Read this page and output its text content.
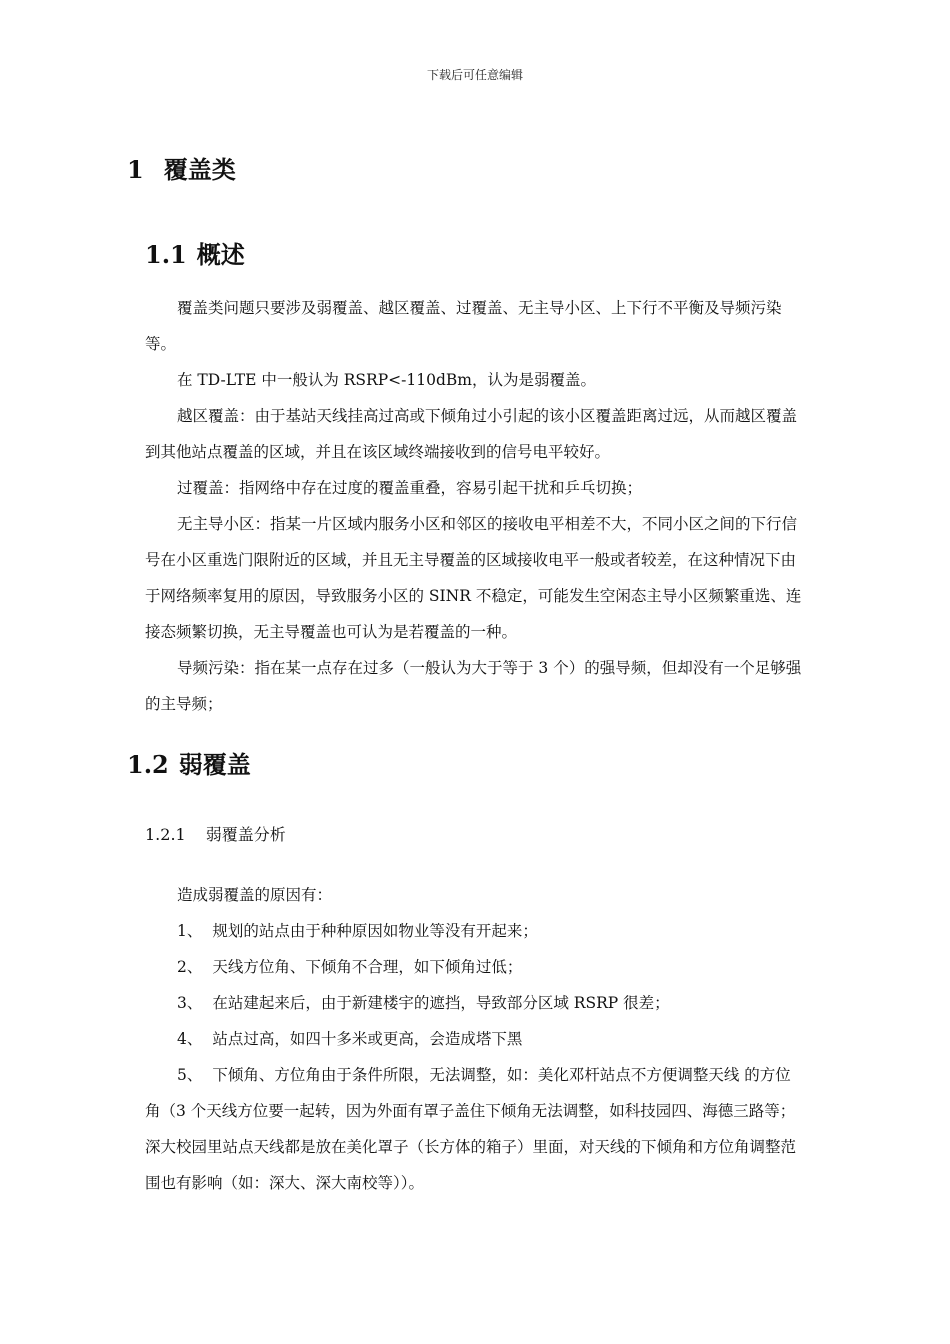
下载后可任意编辑
1 覆盖类
1.1 概述

覆盖类问题只要涉及弱覆盖、越区覆盖、过覆盖、无主导小区、上下行不平衡及导频污染等。

在 TD-LTE 中一般认为 RSRP<-110dBm，认为是弱覆盖。

越区覆盖：由于基站天线挂高过高或下倾角过小引起的该小区覆盖距离过远，从而越区覆盖到其他站点覆盖的区域，并且在该区域终端接收到的信号电平较好。

过覆盖：指网络中存在过度的覆盖重叠，容易引起干扰和乒乓切换；

无主导小区：指某一片区域内服务小区和邻区的接收电平相差不大，不同小区之间的下行信号在小区重选门限附近的区域，并且无主导覆盖的区域接收电平一般或者较差，在这种情况下由于网络频率复用的原因，导致服务小区的 SINR 不稳定，可能发生空闲态主导小区频繁重选、连接态频繁切换，无主导覆盖也可认为是若覆盖的一种。

导频污染：指在某一点存在过多（一般认为大于等于 3 个）的强导频，但却没有一个足够强的主导频；

1.2 弱覆盖
1.2.1 弱覆盖分析

造成弱覆盖的原因有：

1、 规划的站点由于种种原因如物业等没有开起来；

2、 天线方位角、下倾角不合理，如下倾角过低；

3、 在站建起来后，由于新建楼宇的遮挡，导致部分区域 RSRP 很差；

4、 站点过高，如四十多米或更高，会造成塔下黑

5、 下倾角、方位角由于条件所限，无法调整，如：美化邓杆站点不方便调整天线 的方位角（3 个天线方位要一起转，因为外面有罩子盖住下倾角无法调整，如科技园四、海德三路等；深大校园里站点天线都是放在美化罩子（长方体的箱子）里面，对天线的下倾角和方位角调整范围也有影响（如：深大、深大南校等））。
